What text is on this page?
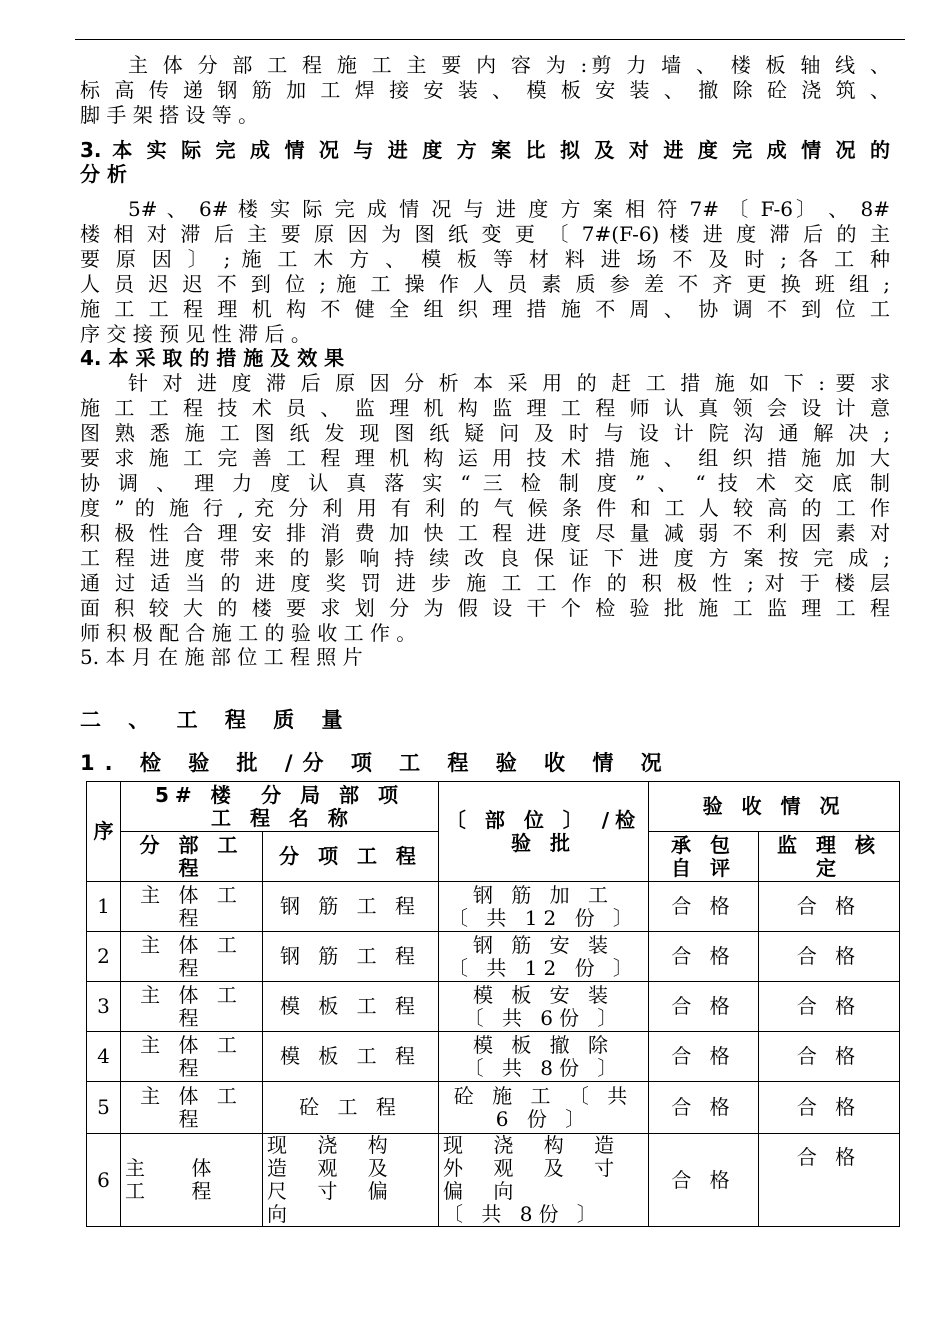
主 体 分 部 工 程 施 工 主 要 内 容 为 :剪 力 墙 、 楼 板 轴 线 、
标 高 传 递 钢 筋 加 工 焊 接 安 装 、 模 板 安 装 、 撤 除 砼 浇 筑 、
脚 手 架 搭 设 等 。
3. 本 实 际 完 成 情 况 与 进 度 方 案 比 拟 及 对 进 度 完 成 情 况 的
分 析
5# 、 6# 楼 实 际 完 成 情 况 与 进 度 方 案 相 符 7# 〔 F-6〕 、 8#
楼 相 对 滞 后 主 要 原 因 为 图 纸 变 更 〔 7#(F-6) 楼 进 度 滞 后 的 主
要 原 因 〕 ; 施 工 木 方 、 模 板 等 材 料 进 场 不 及 时 ; 各 工 种
人 员 迟 迟 不 到 位 ; 施 工 操 作 人 员 素 质 参 差 不 齐 更 换 班 组 ;
施 工 工 程 理 机 构 不 健 全 组 织 理 措 施 不 周 、 协 调 不 到 位 工
序 交 接 预 见 性 滞 后 。
4. 本 采 取 的 措 施 及 效 果
针 对 进 度 滞 后 原 因 分 析 本 采 用 的 赶 工 措 施 如 下 : 要 求
施 工 工 程 技 术 员 、 监 理 机 构 监 理 工 程 师 认 真 领 会 设 计 意
图 熟 悉 施 工 图 纸 发 现 图 纸 疑 问 及 时 与 设 计 院 沟 通 解 决 ;
要 求 施 工 完 善 工 程 理 机 构 运 用 技 术 措 施 、 组 织 措 施 加 大
协 调 、 理 力 度 认 真 落 实 “ 三 检 制 度 ” 、 “ 技 术 交 底 制
度 ” 的 施 行 , 充 分 利 用 有 利 的 气 候 条 件 和 工 人 较 高 的 工 作
积 极 性 合 理 安 排 消 费 加 快 工 程 进 度 尽 量 减 弱 不 利 因 素 对
工 程 进 度 带 来 的 影 响 持 续 改 良 保 证 下 进 度 方 案 按 完 成 ;
通 过 适 当 的 进 度 奖 罚 进 步 施 工 工 作 的 积 极 性 ; 对 于 楼 层
面 积 较 大 的 楼 要 求 划 分 为 假 设 干 个 检 验 批 施 工 监 理 工 程
师 积 极 配 合 施 工 的 验 收 工 作 。
5. 本 月 在 施 部 位 工 程 照 片
二 、 工 程 质 量
1. 检 验 批 /分 项 工 程 验 收 情 况
序	5# 楼 分 局 部 项
工 程 名 称		〔 部 位 〕 /检 验 批	验 收 情 况	
	分 部 工 程	分 项 工 程		承 包 自 评	监 理 核 定
1	主 体 工 程	钢 筋 工 程	钢 筋 加 工
〔 共 12 份 〕	合 格	合 格
2	主 体 工 程	钢 筋 工 程	钢 筋 安 装
〔 共 12 份 〕	合 格	合 格
3	主 体 工 程	模 板 工 程	模 板 安 装
〔 共 6份 〕	合 格	合 格
4	主 体 工 程	模 板 工 程	模 板 撤 除
〔 共 8份 〕	合 格	合 格
5	主 体 工 程	砼 工 程	砼 施 工 〔 共
6 份 〕	合 格	合 格
6	主 体 工 程	现 浇 构 造 观 及 尺 寸 偏 向	现 浇 构 造 外 观 及 寸 偏 向
〔 共 8份 〕	合 格	合 格
